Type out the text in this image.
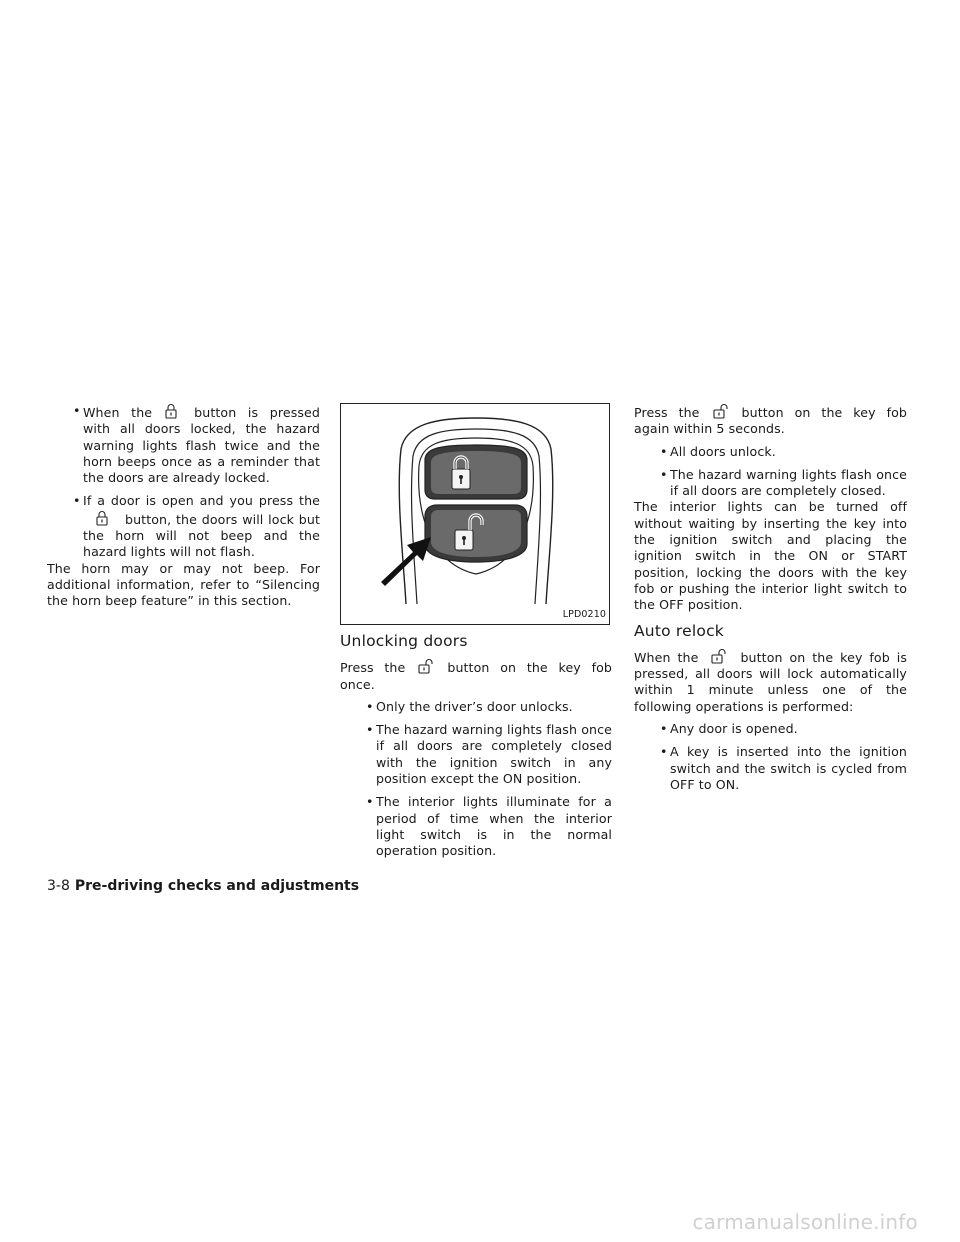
• When the	button is pressed with all doors locked, the hazard warning lights flash twice and the horn beeps once as a reminder that the doors are already locked.
• If a door is open and you press the
button, the doors will lock but the horn will not beep and the hazard lights will not flash.

The horn may or may not beep. For additional information, refer to “Silencing the horn beep feature” in this section.

LPD0210
Unlocking doors

Press the	button on the key fob once.

• Only the driver’s door unlocks.
• The hazard warning lights flash once if all doors are completely closed with the ignition switch in any position except the ON position.
• The interior lights illuminate for a period of time when the interior light switch is in the normal operation position.

Press the	button on the key fob again within 5 seconds.

• All doors unlock.
• The hazard warning lights flash once if all doors are completely closed.

The interior lights can be turned off without waiting by inserting the key into the ignition switch and placing the ignition switch in the ON or START position, locking the doors with the key fob or pushing the interior light switch to the OFF position.

Auto relock

When the	button on the key fob is pressed, all doors will lock automatically within 1 minute unless one of the following operations is performed:

• Any door is opened.
• A key is inserted into the ignition switch and the switch is cycled from OFF to ON.
3-8 Pre-driving checks and adjustments
carmanualsonline.info
